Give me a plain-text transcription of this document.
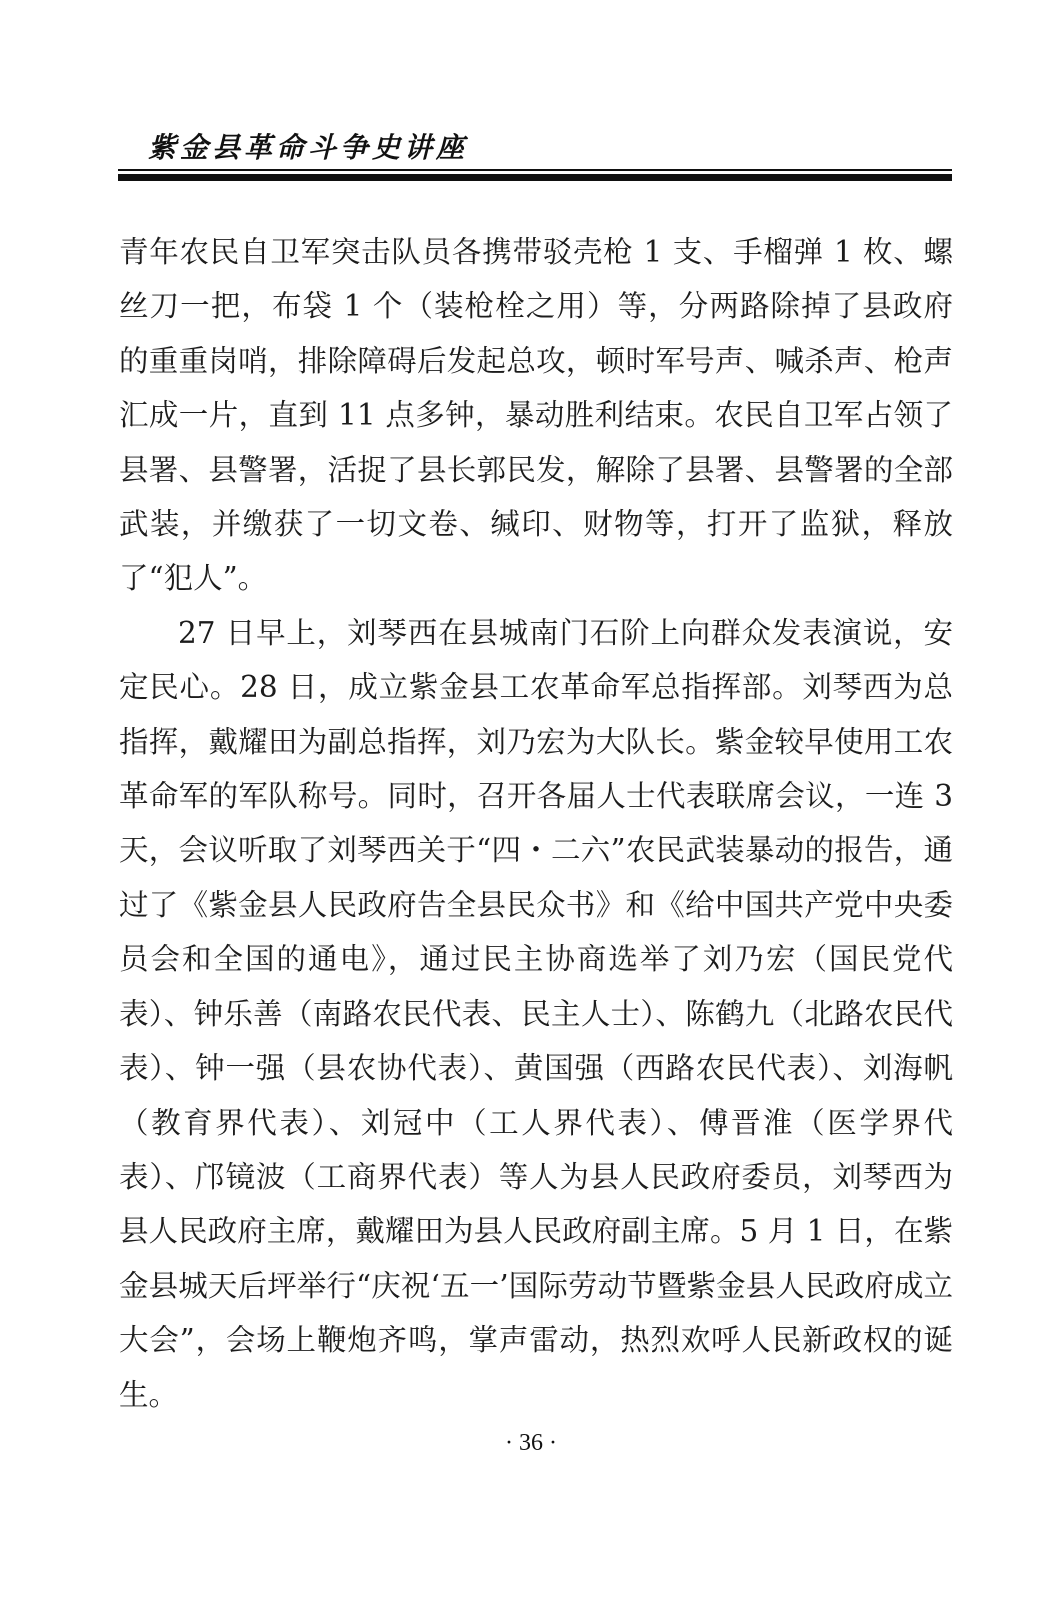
紫金县革命斗争史讲座

青年农民自卫军突击队员各携带驳壳枪 1 支、手榴弹 1 枚、螺丝刀一把，布袋 1 个（装枪栓之用）等，分两路除掉了县政府的重重岗哨，排除障碍后发起总攻，顿时军号声、喊杀声、枪声汇成一片，直到 11 点多钟，暴动胜利结束。农民自卫军占领了县署、县警署，活捉了县长郭民发，解除了县署、县警署的全部武装，并缴获了一切文卷、缄印、财物等，打开了监狱，释放了“犯人”。

27 日早上，刘琴西在县城南门石阶上向群众发表演说，安定民心。28 日，成立紫金县工农革命军总指挥部。刘琴西为总指挥，戴耀田为副总指挥，刘乃宏为大队长。紫金较早使用工农革命军的军队称号。同时，召开各届人士代表联席会议，一连 3 天，会议听取了刘琴西关于“四・二六”农民武装暴动的报告，通过了《紫金县人民政府告全县民众书》和《给中国共产党中央委员会和全国的通电》，通过民主协商选举了刘乃宏（国民党代表）、钟乐善（南路农民代表、民主人士）、陈鹤九（北路农民代表）、钟一强（县农协代表）、黄国强（西路农民代表）、刘海帆（教育界代表）、刘冠中（工人界代表）、傅晋淮（医学界代表）、邝镜波（工商界代表）等人为县人民政府委员，刘琴西为县人民政府主席，戴耀田为县人民政府副主席。5 月 1 日，在紫金县城天后坪举行“庆祝‘五一’国际劳动节暨紫金县人民政府成立大会”，会场上鞭炮齐鸣，掌声雷动，热烈欢呼人民新政权的诞生。

· 36 ·
